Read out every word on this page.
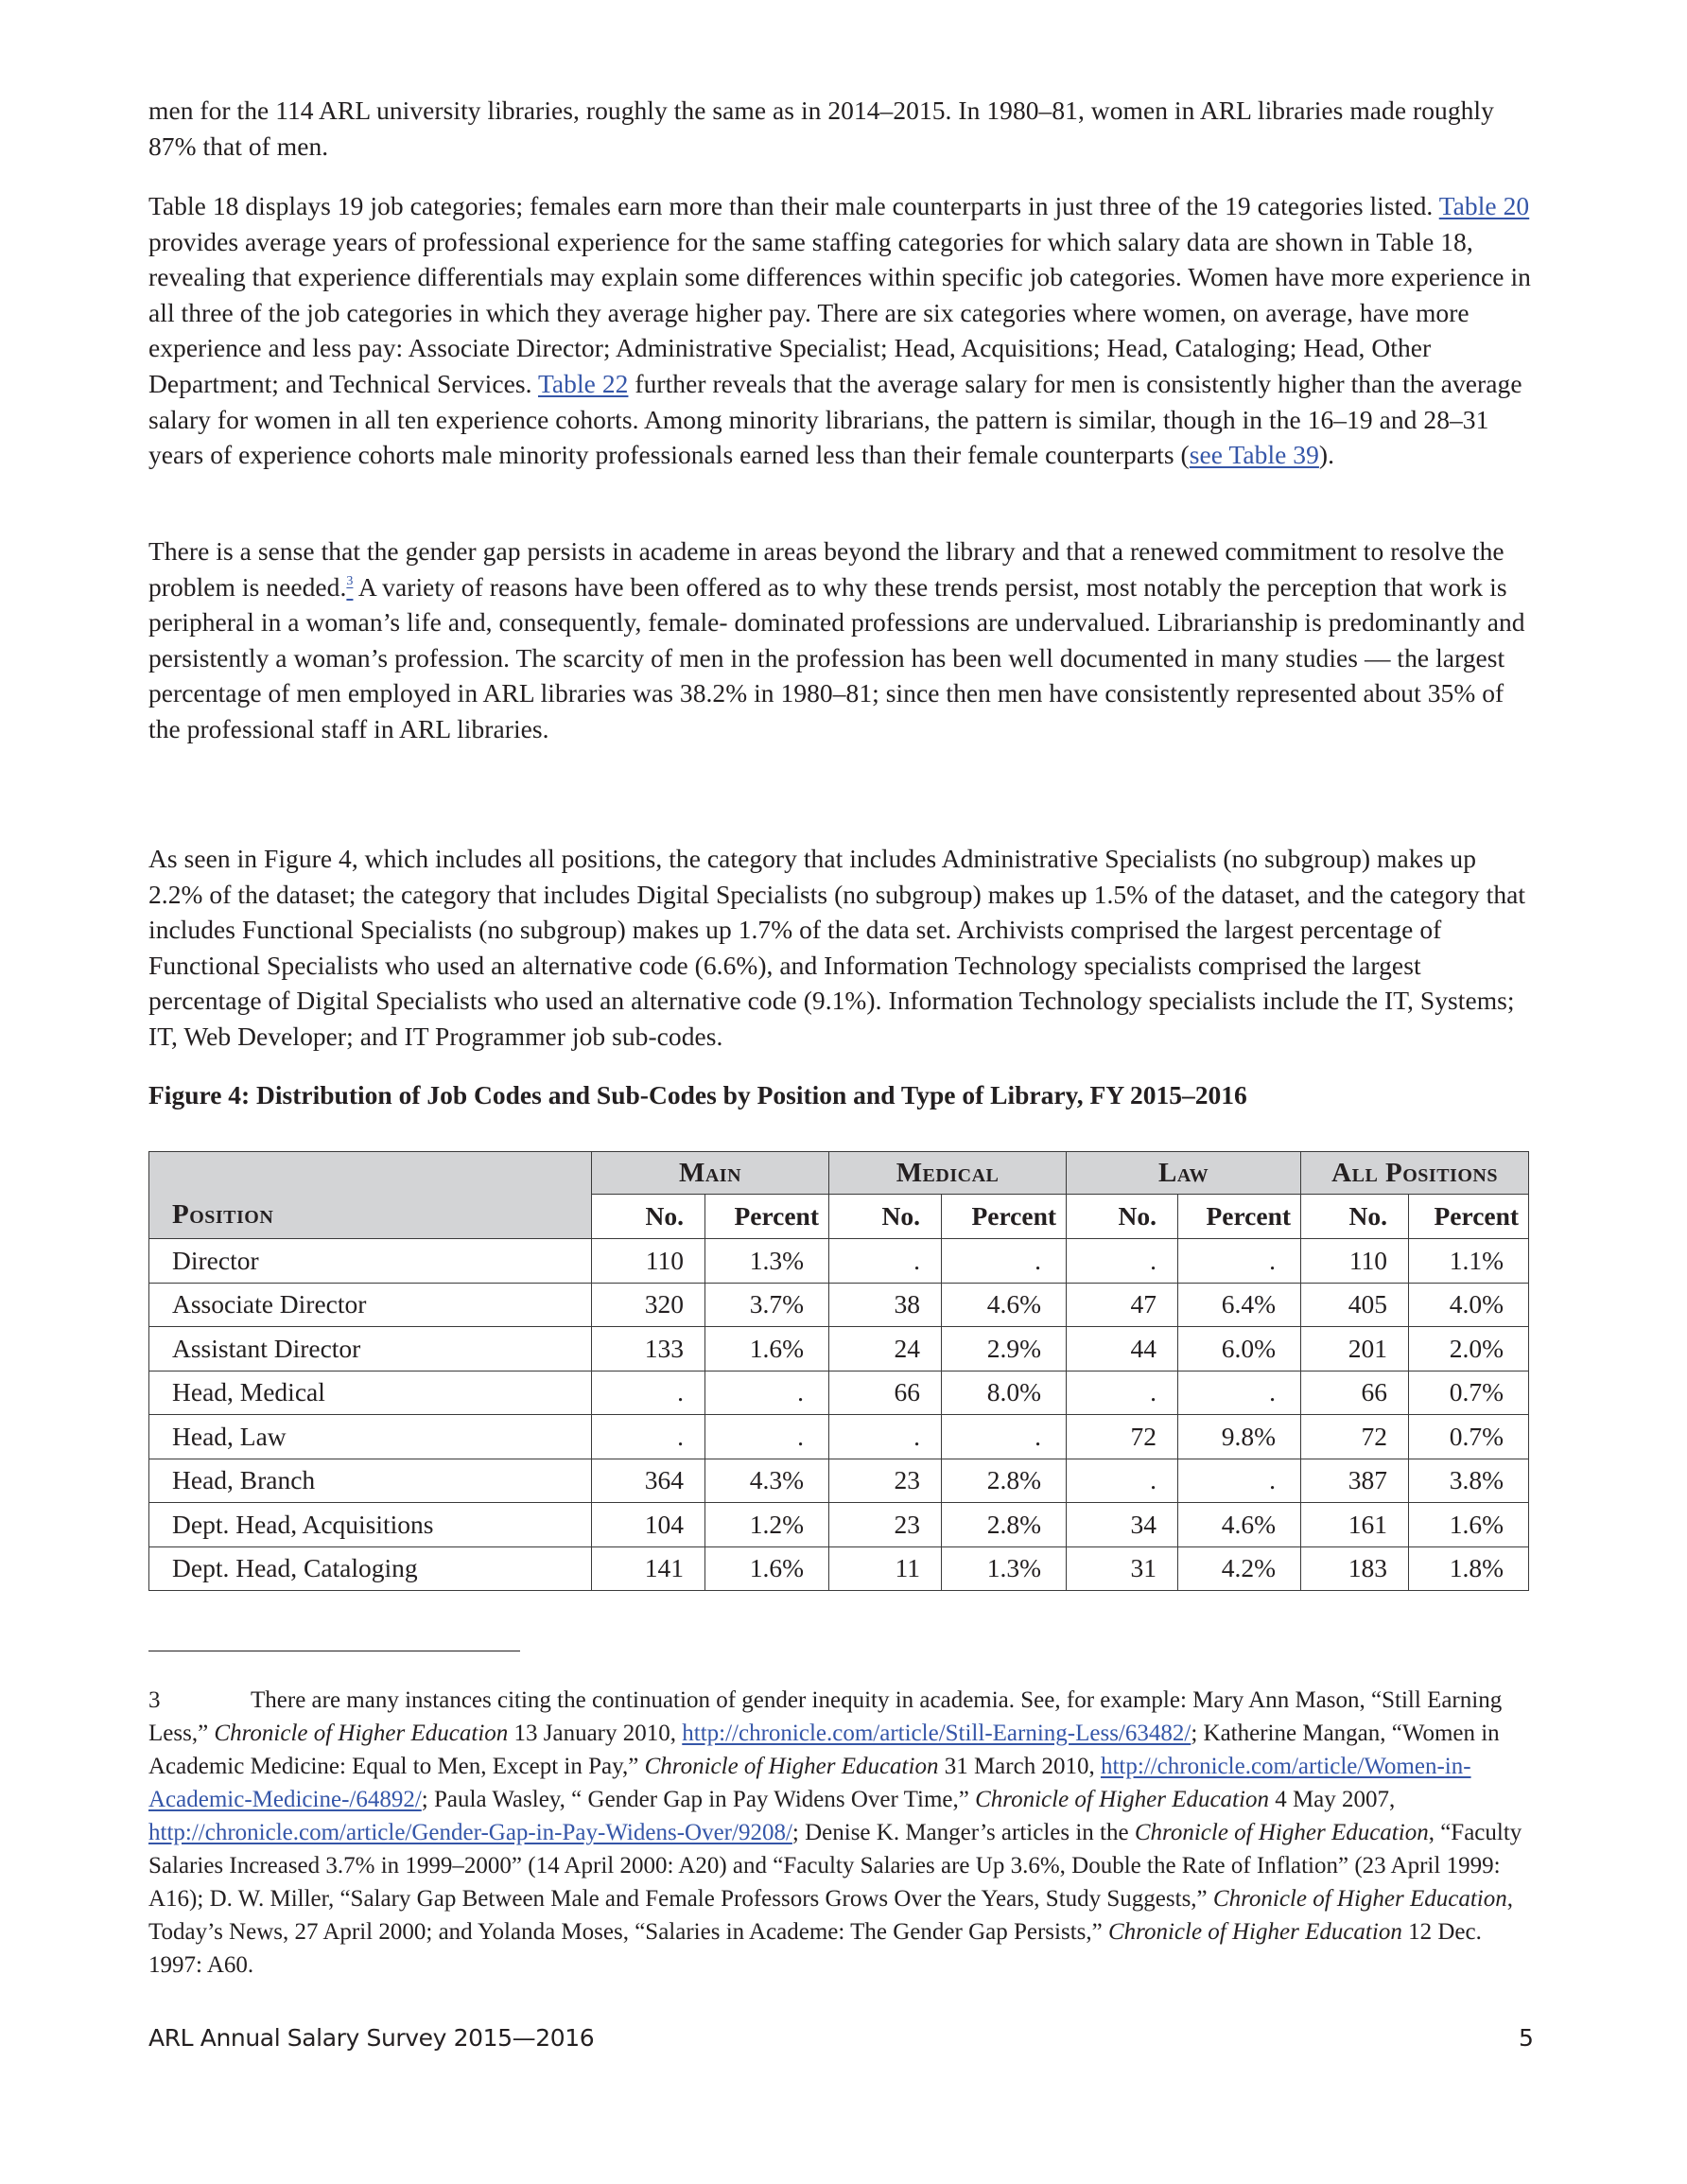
men for the 114 ARL university libraries, roughly the same as in 2014–2015. In 1980–81, women in ARL libraries made roughly 87% that of men.

Table 18 displays 19 job categories; females earn more than their male counterparts in just three of the 19 categories listed. Table 20 provides average years of professional experience for the same staffing categories for which salary data are shown in Table 18, revealing that experience differentials may explain some differences within specific job categories. Women have more experience in all three of the job categories in which they average higher pay. There are six categories where women, on average, have more experience and less pay: Associate Director; Administrative Specialist; Head, Acquisitions; Head, Cataloging; Head, Other Department; and Technical Services. Table 22 further reveals that the average salary for men is consistently higher than the average salary for women in all ten experience cohorts. Among minority librarians, the pattern is similar, though in the 16–19 and 28–31 years of experience cohorts male minority professionals earned less than their female counterparts (see Table 39).

There is a sense that the gender gap persists in academe in areas beyond the library and that a renewed commitment to resolve the problem is needed.$^3$ A variety of reasons have been offered as to why these trends persist, most notably the perception that work is peripheral in a woman’s life and, consequently, female- dominated professions are undervalued. Librarianship is predominantly and persistently a woman’s profession. The scarcity of men in the profession has been well documented in many studies — the largest percentage of men employed in ARL libraries was 38.2% in 1980–81; since then men have consistently represented about 35% of the professional staff in ARL libraries.

As seen in Figure 4, which includes all positions, the category that includes Administrative Specialists (no subgroup) makes up 2.2% of the dataset; the category that includes Digital Specialists (no subgroup) makes up 1.5% of the dataset, and the category that includes Functional Specialists (no subgroup) makes up 1.7% of the data set. Archivists comprised the largest percentage of Functional Specialists who used an alternative code (6.6%), and Information Technology specialists comprised the largest percentage of Digital Specialists who used an alternative code (9.1%). Information Technology specialists include the IT, Systems; IT, Web Developer; and IT Programmer job sub-codes.

Figure 4: Distribution of Job Codes and Sub-Codes by Position and Type of Library, FY 2015–2016

Position	Main		Medical		Law		All Positions	
	No.	Percent	No.	Percent	No.	Percent	No.	Percent
Director	110	1.3%	.	.	.	.	110	1.1%
Associate Director	320	3.7%	38	4.6%	47	6.4%	405	4.0%
Assistant Director	133	1.6%	24	2.9%	44	6.0%	201	2.0%
Head, Medical	.	.	66	8.0%	.	.	66	0.7%
Head, Law	.	.	.	.	72	9.8%	72	0.7%
Head, Branch	364	4.3%	23	2.8%	.	.	387	3.8%
Dept. Head, Acquisitions	104	1.2%	23	2.8%	34	4.6%	161	1.6%
Dept. Head, Cataloging	141	1.6%	11	1.3%	31	4.2%	183	1.8%

3	There are many instances citing the continuation of gender inequity in academia. See, for example: Mary Ann Mason, “Still Earning Less,” Chronicle of Higher Education 13 January 2010, http://chronicle.com/article/Still-Earning-Less/63482/; Katherine Mangan, “Women in Academic Medicine: Equal to Men, Except in Pay,” Chronicle of Higher Education 31 March 2010, http://chronicle.com/article/Women-in-Academic-Medicine-/64892/; Paula Wasley, “ Gender Gap in Pay Widens Over Time,” Chronicle of Higher Education 4 May 2007, http://chronicle.com/article/Gender-Gap-in-Pay-Widens-Over/9208/; Denise K. Manger’s articles in the Chronicle of Higher Education, “Faculty Salaries Increased 3.7% in 1999–2000” (14 April 2000: A20) and “Faculty Salaries are Up 3.6%, Double the Rate of Inflation” (23 April 1999: A16); D. W. Miller, “Salary Gap Between Male and Female Professors Grows Over the Years, Study Suggests,” Chronicle of Higher Education, Today’s News, 27 April 2000; and Yolanda Moses, “Salaries in Academe: The Gender Gap Persists,” Chronicle of Higher Education 12 Dec. 1997: A60.

ARL Annual Salary Survey 2015—2016	5
